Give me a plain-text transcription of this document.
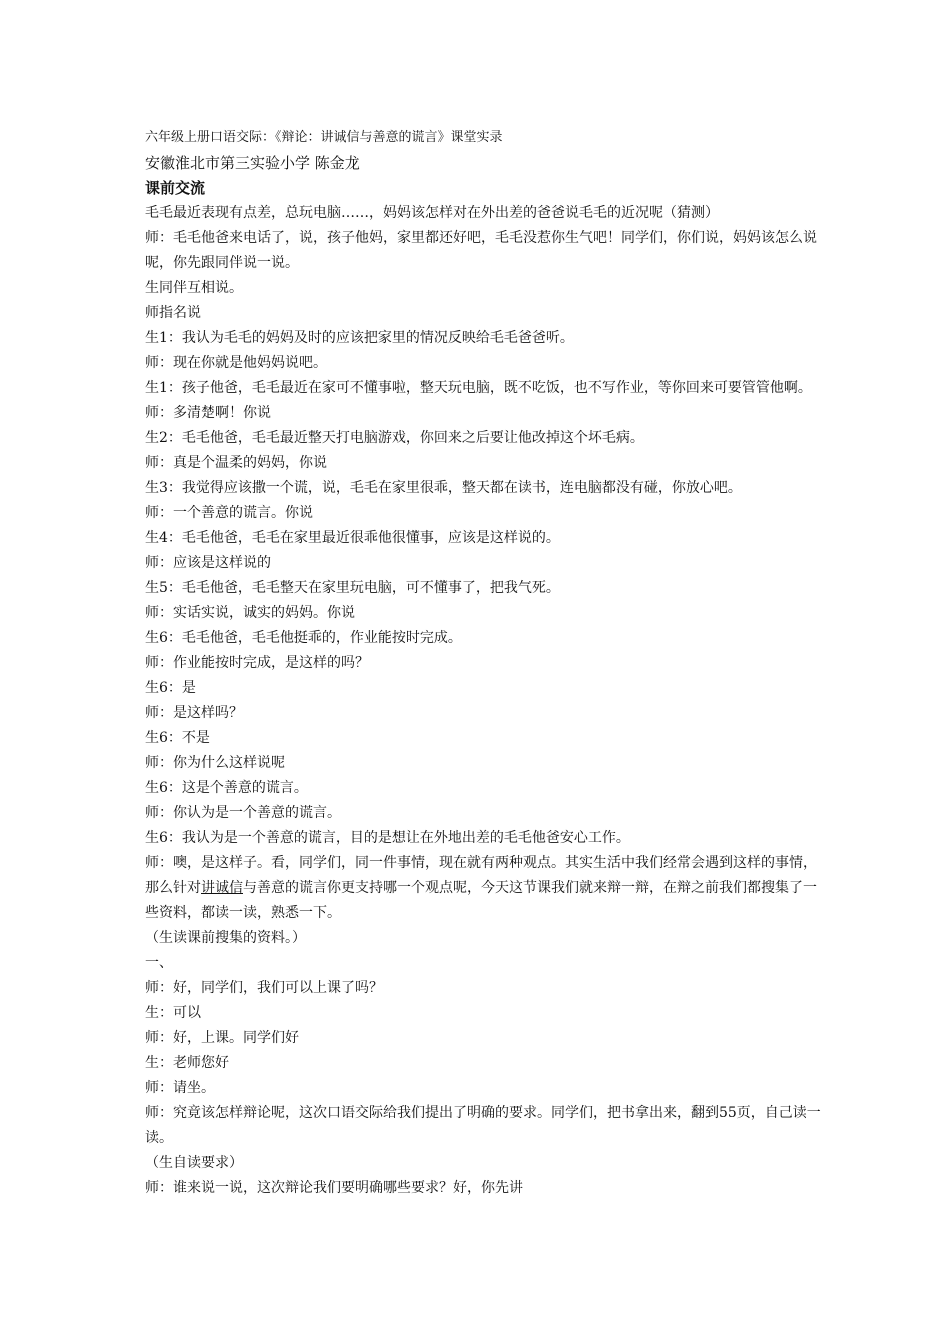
六年级上册口语交际：《辩论：讲诚信与善意的谎言》课堂实录
安徽淮北市第三实验小学 陈金龙
课前交流
毛毛最近表现有点差，总玩电脑……，妈妈该怎样对在外出差的爸爸说毛毛的近况呢（猜测）
师：毛毛他爸来电话了，说，孩子他妈，家里都还好吧，毛毛没惹你生气吧！同学们，你们说，妈妈该怎么说呢，你先跟同伴说一说。
生同伴互相说。
师指名说
生1：我认为毛毛的妈妈及时的应该把家里的情况反映给毛毛爸爸听。
师：现在你就是他妈妈说吧。
生1：孩子他爸，毛毛最近在家可不懂事啦，整天玩电脑，既不吃饭，也不写作业，等你回来可要管管他啊。
师：多清楚啊！你说
生2：毛毛他爸，毛毛最近整天打电脑游戏，你回来之后要让他改掉这个坏毛病。
师：真是个温柔的妈妈，你说
生3：我觉得应该撒一个谎，说，毛毛在家里很乖，整天都在读书，连电脑都没有碰，你放心吧。
师：一个善意的谎言。你说
生4：毛毛他爸，毛毛在家里最近很乖他很懂事，应该是这样说的。
师：应该是这样说的
生5：毛毛他爸，毛毛整天在家里玩电脑，可不懂事了，把我气死。
师：实话实说，诚实的妈妈。你说
生6：毛毛他爸，毛毛他挺乖的，作业能按时完成。
师：作业能按时完成，是这样的吗？
生6：是
师：是这样吗？
生6：不是
师：你为什么这样说呢
生6：这是个善意的谎言。
师：你认为是一个善意的谎言。
生6：我认为是一个善意的谎言，目的是想让在外地出差的毛毛他爸安心工作。
师：噢，是这样子。看，同学们，同一件事情，现在就有两种观点。其实生活中我们经常会遇到这样的事情，那么针对讲诚信与善意的谎言你更支持哪一个观点呢，今天这节课我们就来辩一辩，在辩之前我们都搜集了一些资料，都读一读，熟悉一下。
（生读课前搜集的资料。）
一、
师：好，同学们，我们可以上课了吗？
生：可以
师：好，上课。同学们好
生：老师您好
师：请坐。
师：究竟该怎样辩论呢，这次口语交际给我们提出了明确的要求。同学们，把书拿出来，翻到55页，自己读一读。
（生自读要求）
师：谁来说一说，这次辩论我们要明确哪些要求？好，你先讲
